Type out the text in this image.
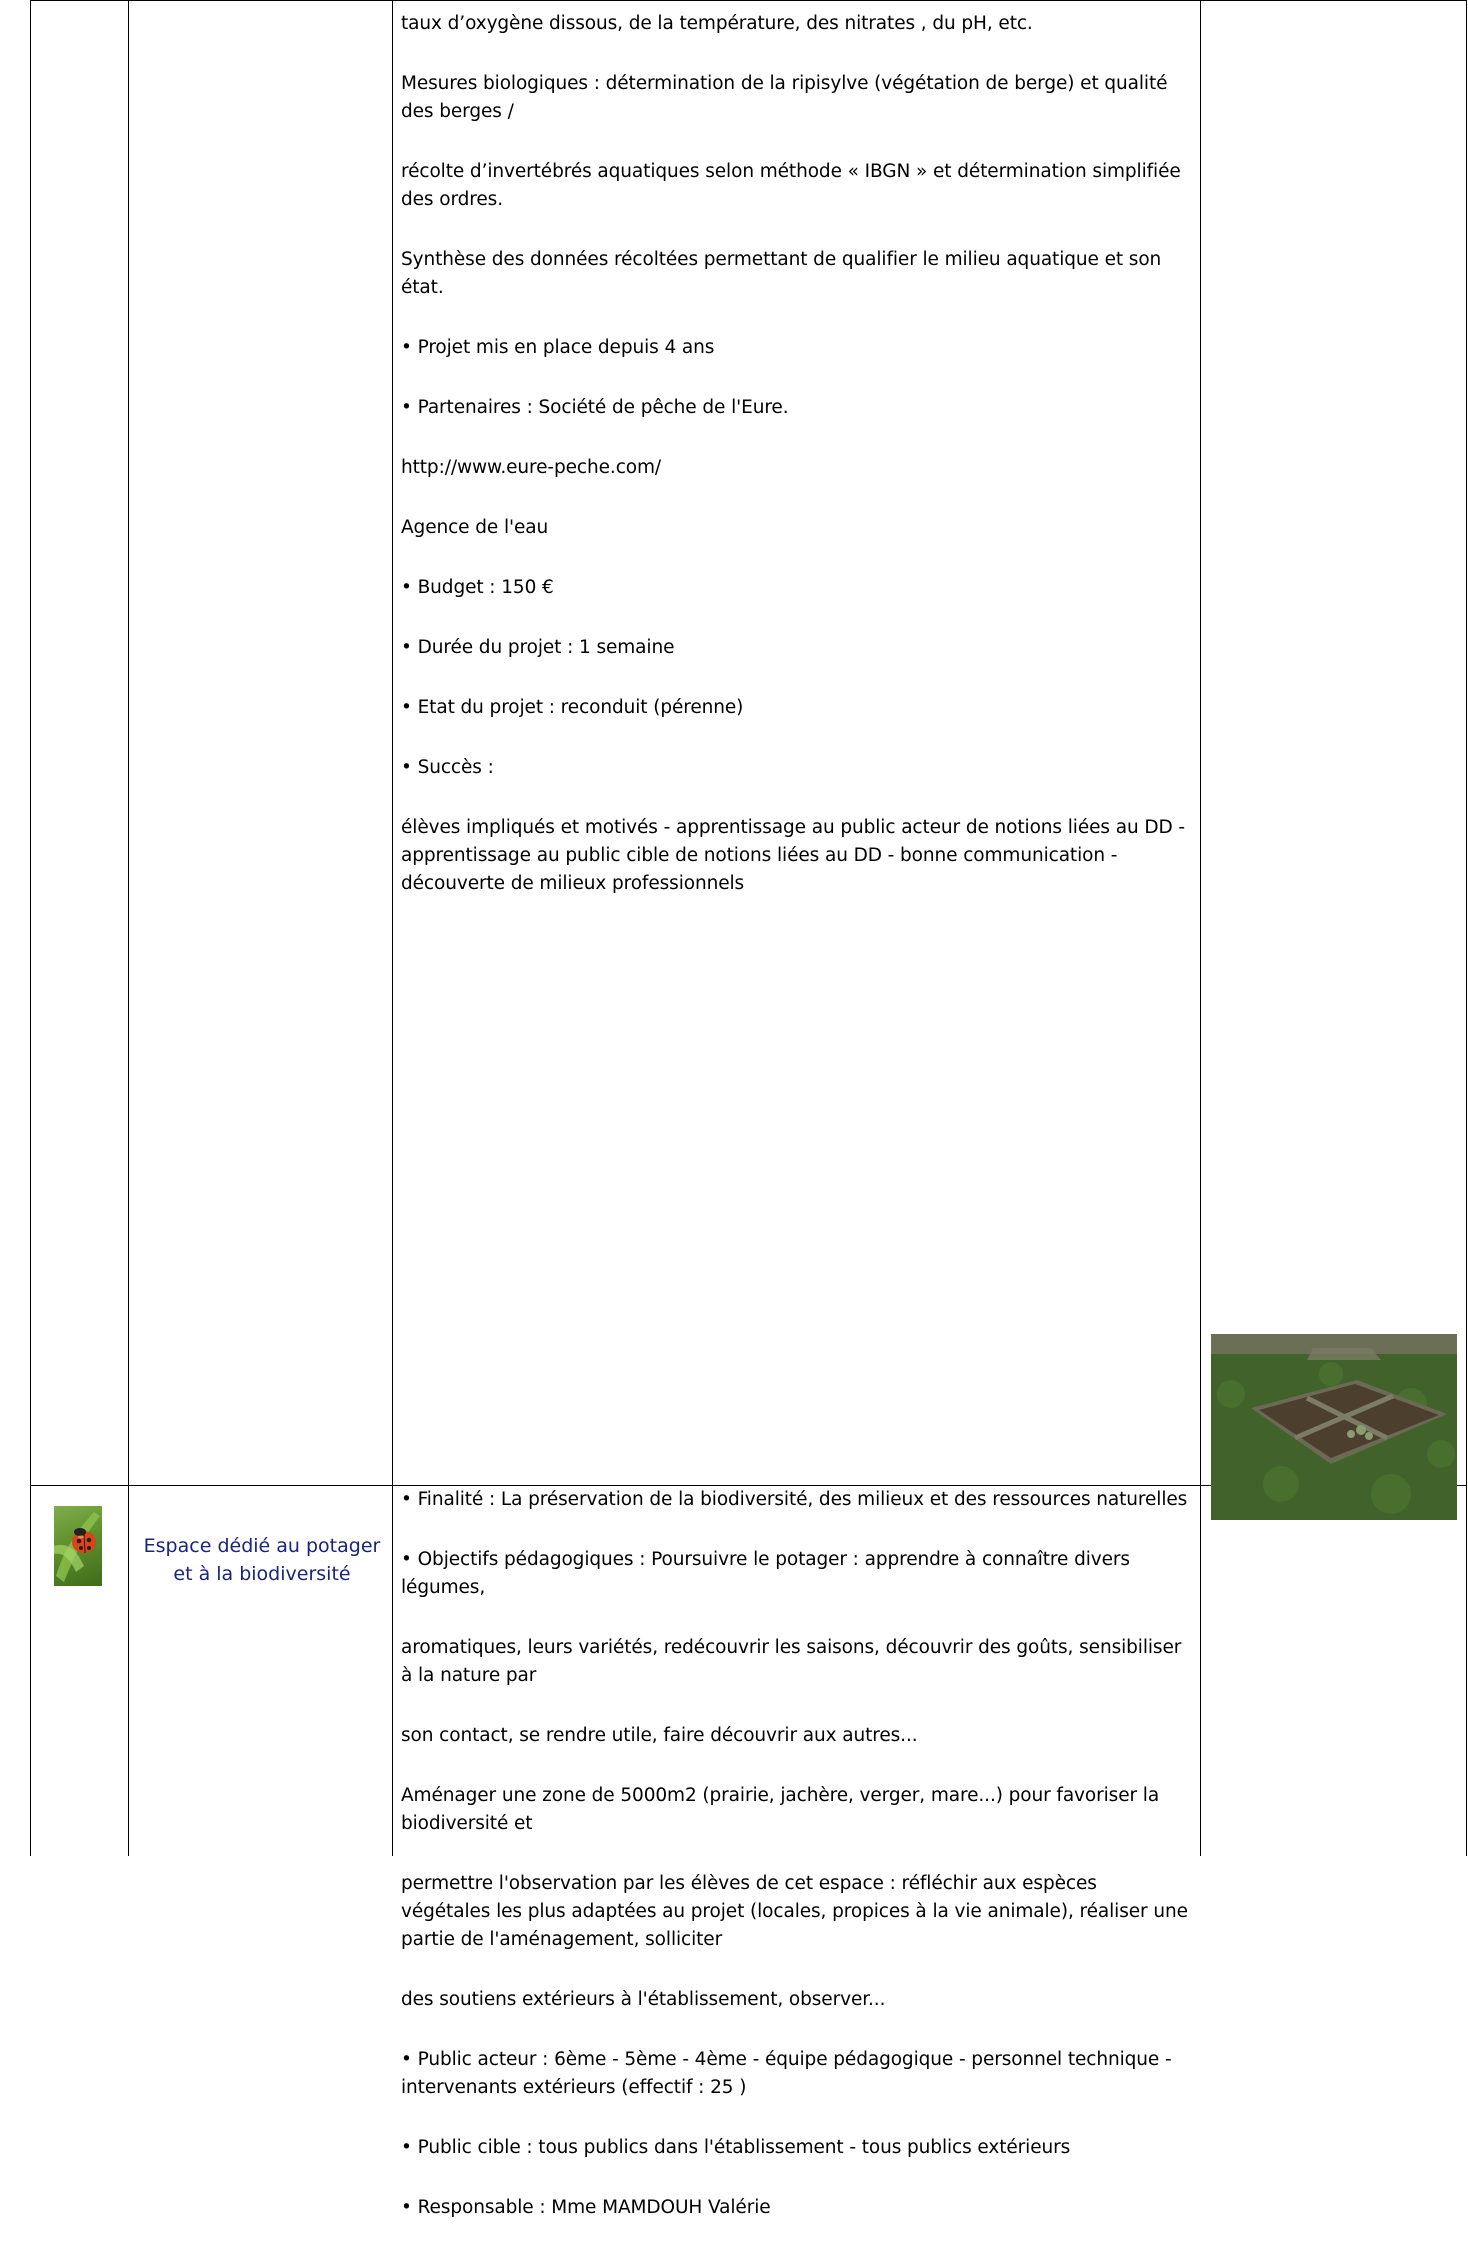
taux d’oxygène dissous, de la température, des nitrates , du pH, etc.

Mesures biologiques : détermination de la ripisylve (végétation de berge) et qualité des berges /

récolte d’invertébrés aquatiques selon méthode « IBGN » et détermination simplifiée des ordres.

Synthèse des données récoltées permettant de qualifier le milieu aquatique et son état.

• Projet mis en place depuis 4 ans

• Partenaires : Société de pêche de l'Eure.

http://www.eure-peche.com/

Agence de l'eau

• Budget : 150 €

• Durée du projet : 1 semaine

• Etat du projet : reconduit (pérenne)

• Succès :

élèves impliqués et motivés - apprentissage au public acteur de notions liées au DD - apprentissage au public cible de notions liées au DD - bonne communication - découverte de milieux professionnels

Espace dédié au potager et à la biodiversité

• Finalité : La préservation de la biodiversité, des milieux et des ressources naturelles

• Objectifs pédagogiques : Poursuivre le potager : apprendre à connaître divers légumes,

aromatiques, leurs variétés, redécouvrir les saisons, découvrir des goûts, sensibiliser à la nature par

son contact, se rendre utile, faire découvrir aux autres...

Aménager une zone de 5000m2 (prairie, jachère, verger, mare...) pour favoriser la biodiversité et

permettre l'observation par les élèves de cet espace : réfléchir aux espèces végétales les plus adaptées au projet (locales, propices à la vie animale), réaliser une partie de l'aménagement, solliciter

des soutiens extérieurs à l'établissement, observer...

• Public acteur : 6ème - 5ème - 4ème - équipe pédagogique - personnel technique - intervenants extérieurs (effectif : 25 )

• Public cible : tous publics dans l'établissement - tous publics extérieurs

• Responsable : Mme MAMDOUH Valérie
